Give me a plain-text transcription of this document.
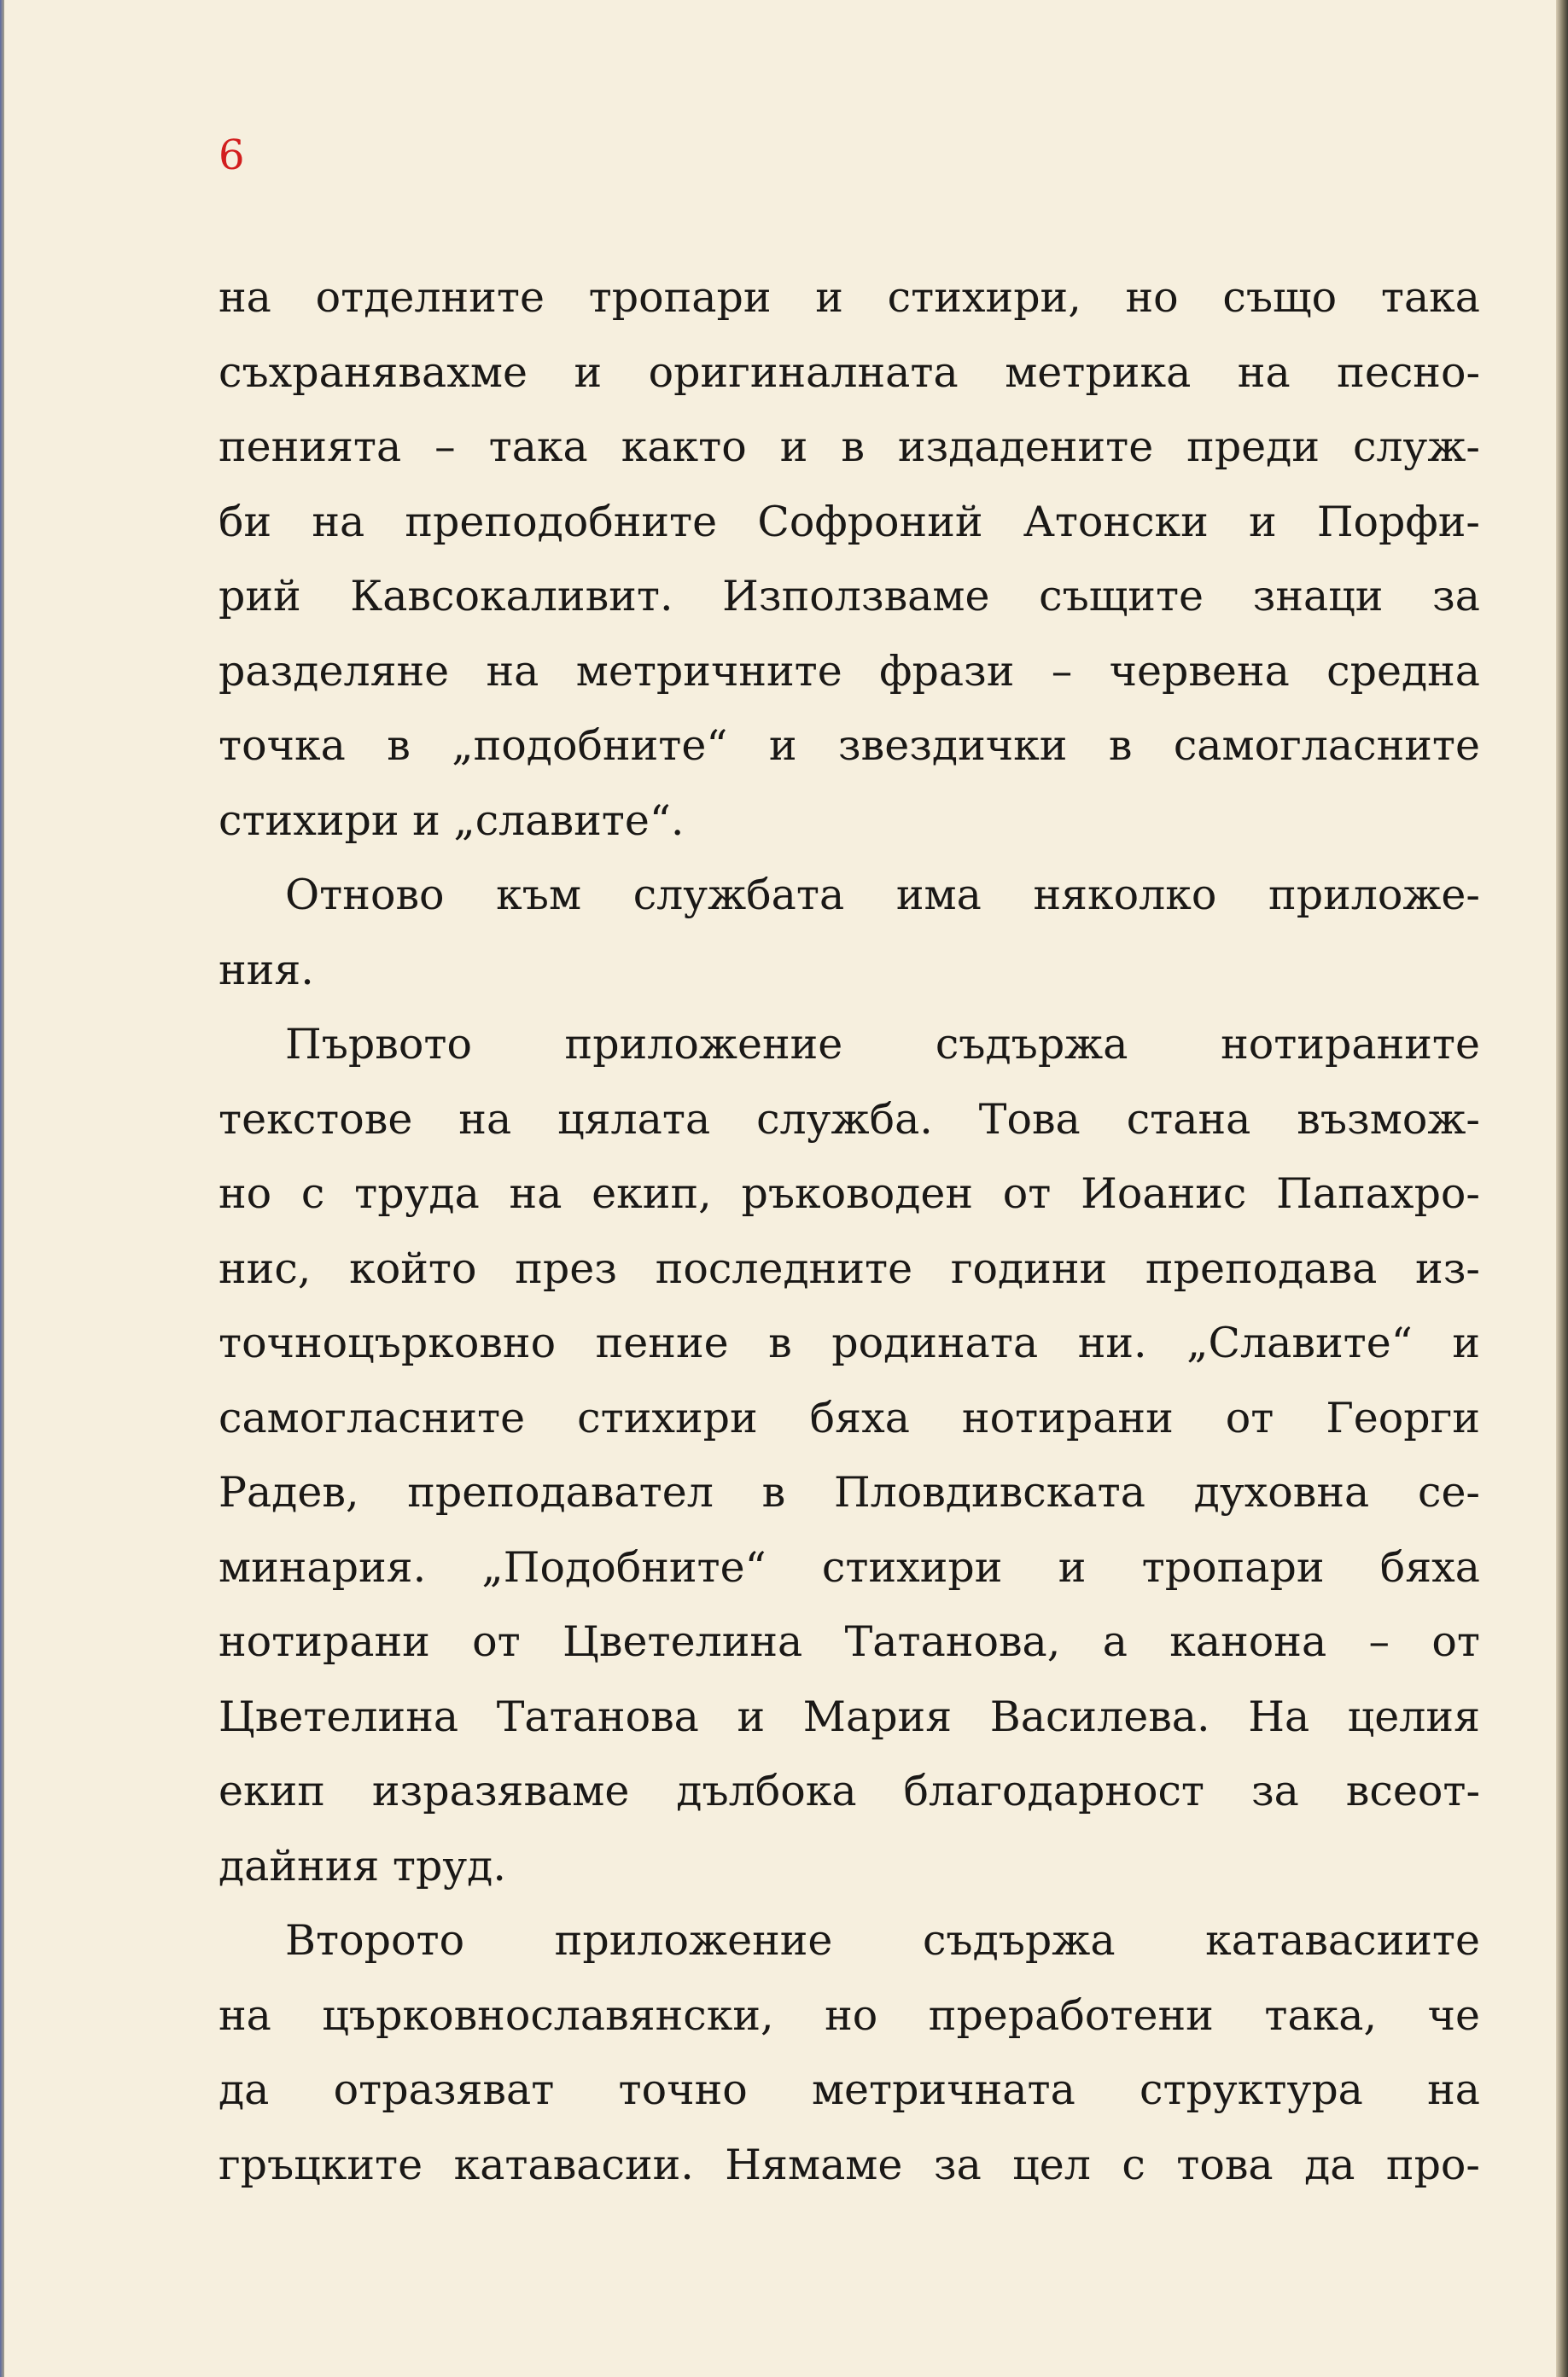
6
на отделните тропари и стихири, но също така
съхранявахме и оригиналната метрика на песно-
пенията – така както и в издадените преди служ-
би на преподобните Софроний Атонски и Порфи-
рий Кавсокаливит. Използваме същите знаци за
разделяне на метричните фрази – червена средна
точка в „подобните“ и звездички в самогласните
стихири и „славите“.
Отново към службата има няколко приложе-
ния.
Първото приложение съдържа нотираните
текстове на цялата служба. Това стана възмож-
но с труда на екип, ръководен от Иоанис Папахро-
нис, който през последните години преподава из-
точноцърковно пение в родината ни. „Славите“ и
самогласните стихири бяха нотирани от Георги
Радев, преподавател в Пловдивската духовна се-
минария. „Подобните“ стихири и тропари бяха
нотирани от Цветелина Татанова, а канона – от
Цветелина Татанова и Мария Василева. На целия
екип изразяваме дълбока благодарност за всеот-
дайния труд.
Второто приложение съдържа катавасиите
на църковнославянски, но преработени така, че
да отразяват точно метричната структура на
гръцките катавасии. Нямаме за цел с това да про-
